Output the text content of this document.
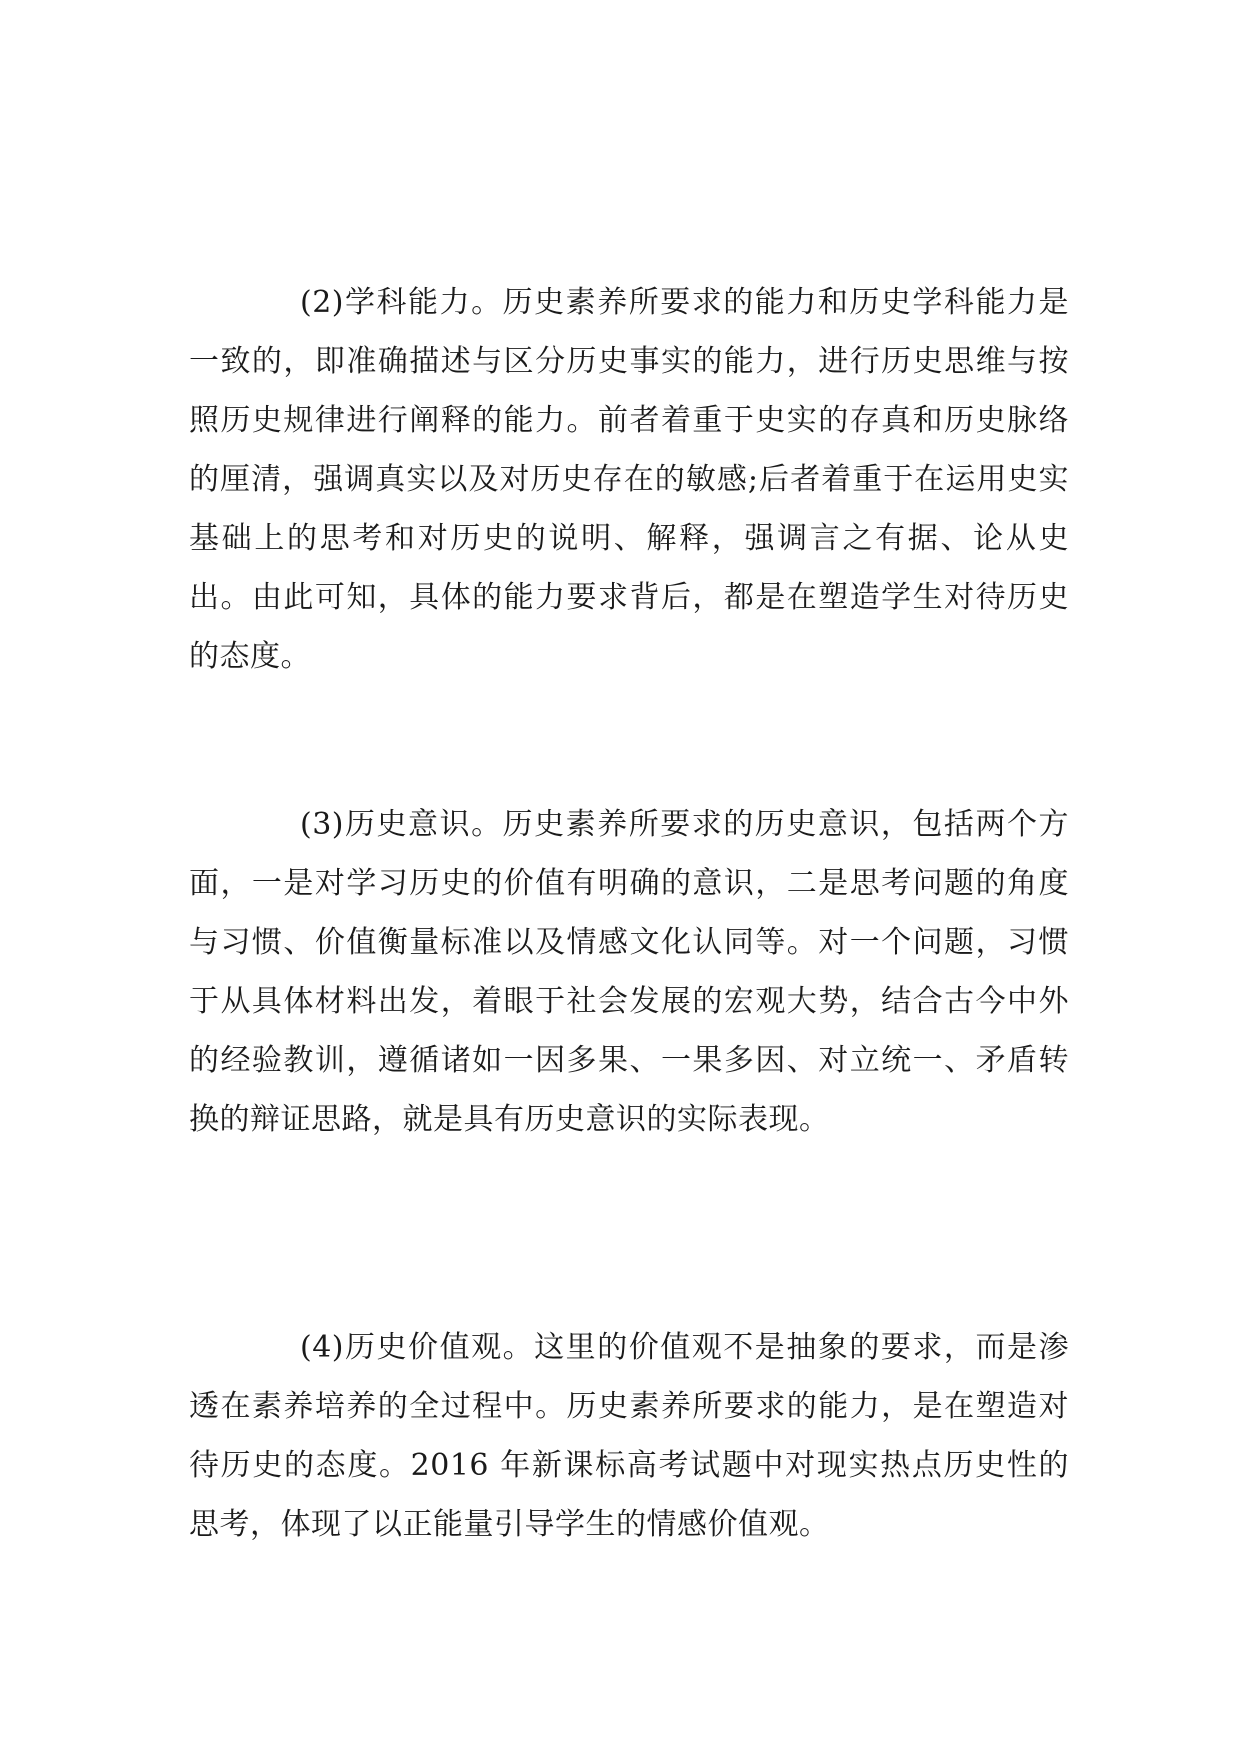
(2)学科能力。历史素养所要求的能力和历史学科能力是一致的，即准确描述与区分历史事实的能力，进行历史思维与按照历史规律进行阐释的能力。前者着重于史实的存真和历史脉络的厘清，强调真实以及对历史存在的敏感;后者着重于在运用史实基础上的思考和对历史的说明、解释，强调言之有据、论从史出。由此可知，具体的能力要求背后，都是在塑造学生对待历史的态度。

(3)历史意识。历史素养所要求的历史意识，包括两个方面，一是对学习历史的价值有明确的意识，二是思考问题的角度与习惯、价值衡量标准以及情感文化认同等。对一个问题，习惯于从具体材料出发，着眼于社会发展的宏观大势，结合古今中外的经验教训，遵循诸如一因多果、一果多因、对立统一、矛盾转换的辩证思路，就是具有历史意识的实际表现。

(4)历史价值观。这里的价值观不是抽象的要求，而是渗透在素养培养的全过程中。历史素养所要求的能力，是在塑造对待历史的态度。2016 年新课标高考试题中对现实热点历史性的思考，体现了以正能量引导学生的情感价值观。
